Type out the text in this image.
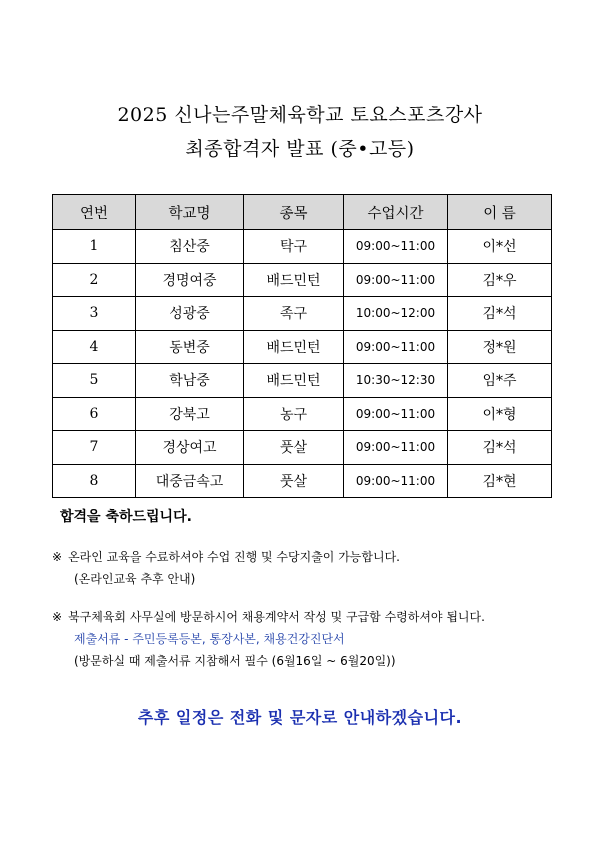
2025 신나는주말체육학교 토요스포츠강사
최종합격자 발표 (중•고등)
연번	학교명	종목	수업시간	이 름
1	침산중	탁구	09:00~11:00	이*선
2	경명여중	배드민턴	09:00~11:00	김*우
3	성광중	족구	10:00~12:00	김*석
4	동변중	배드민턴	09:00~11:00	정*원
5	학남중	배드민턴	10:30~12:30	임*주
6	강북고	농구	09:00~11:00	이*형
7	경상여고	풋살	09:00~11:00	김*석
8	대중금속고	풋살	09:00~11:00	김*현
합격을 축하드립니다.
※ 온라인 교육을 수료하셔야 수업 진행 및 수당지출이 가능합니다.
(온라인교육 추후 안내)
※ 북구체육회 사무실에 방문하시어 채용계약서 작성 및 구급함 수령하셔야 됩니다.
제출서류 - 주민등록등본, 통장사본, 채용건강진단서
(방문하실 때 제출서류 지참해서 필수 (6월16일 ~ 6월20일))
추후 일정은 전화 및 문자로 안내하겠습니다.
